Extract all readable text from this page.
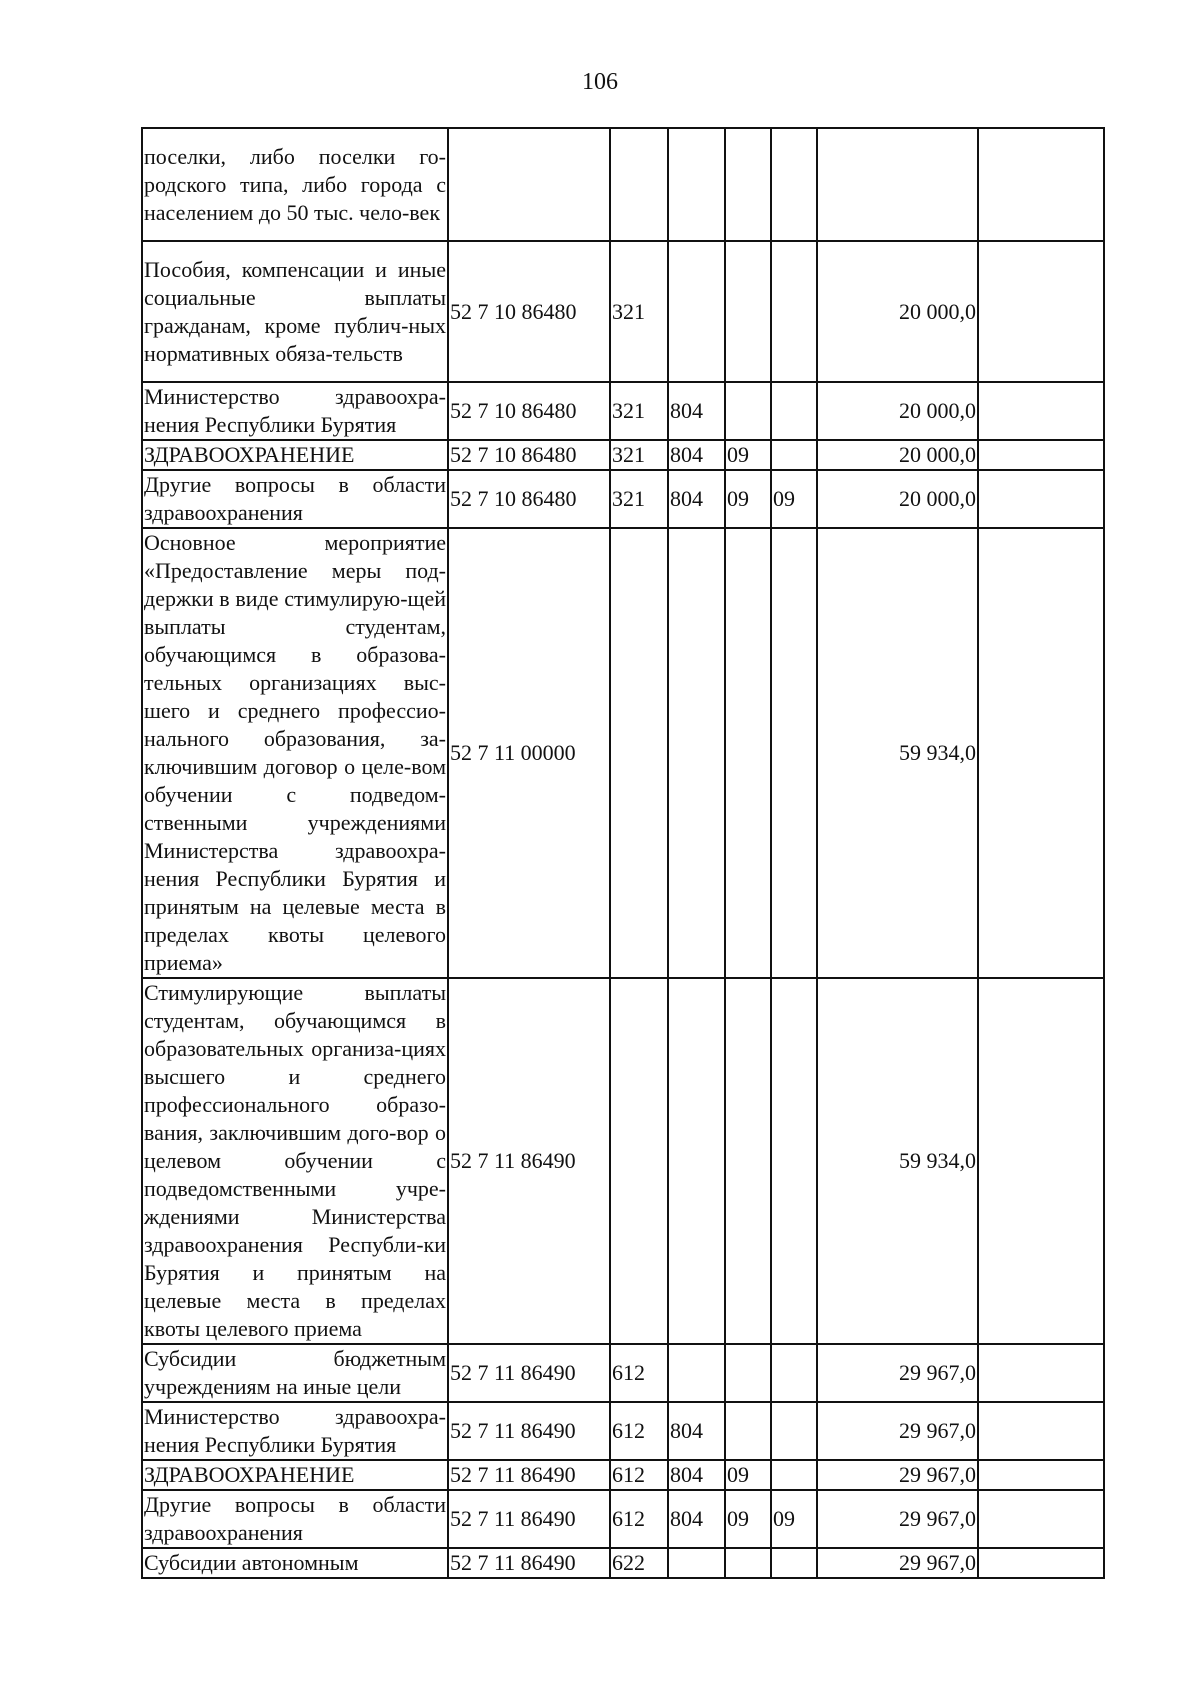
106
поселки, либо поселки го-родского типа, либо города с населением до 50 тыс. чело-век							
Пособия, компенсации и иные социальные выплаты гражданам, кроме публич-ных нормативных обяза-тельств	52 7 10 86480	321				20 000,0	
Министерство здравоохра-нения Республики Бурятия	52 7 10 86480	321	804			20 000,0	
ЗДРАВООХРАНЕНИЕ	52 7 10 86480	321	804	09		20 000,0	
Другие вопросы в области здравоохранения	52 7 10 86480	321	804	09	09	20 000,0	
Основное мероприятие «Предоставление меры под-держки в виде стимулирую-щей выплаты студентам, обучающимся в образова-тельных организациях выс-шего и среднего профессио-нального образования, за-ключившим договор о целе-вом обучении с подведом-ственными учреждениями Министерства здравоохра-нения Республики Бурятия и принятым на целевые места в пределах квоты целевого приема»	52 7 11 00000					59 934,0	
Стимулирующие выплаты студентам, обучающимся в образовательных организа-циях высшего и среднего профессионального образо-вания, заключившим дого-вор о целевом обучении с подведомственными учре-ждениями Министерства здравоохранения Республи-ки Бурятия и принятым на целевые места в пределах квоты целевого приема	52 7 11 86490					59 934,0	
Субсидии бюджетным учреждениям на иные цели	52 7 11 86490	612				29 967,0	
Министерство здравоохра-нения Республики Бурятия	52 7 11 86490	612	804			29 967,0	
ЗДРАВООХРАНЕНИЕ	52 7 11 86490	612	804	09		29 967,0	
Другие вопросы в области здравоохранения	52 7 11 86490	612	804	09	09	29 967,0	
Субсидии автономным	52 7 11 86490	622				29 967,0	
